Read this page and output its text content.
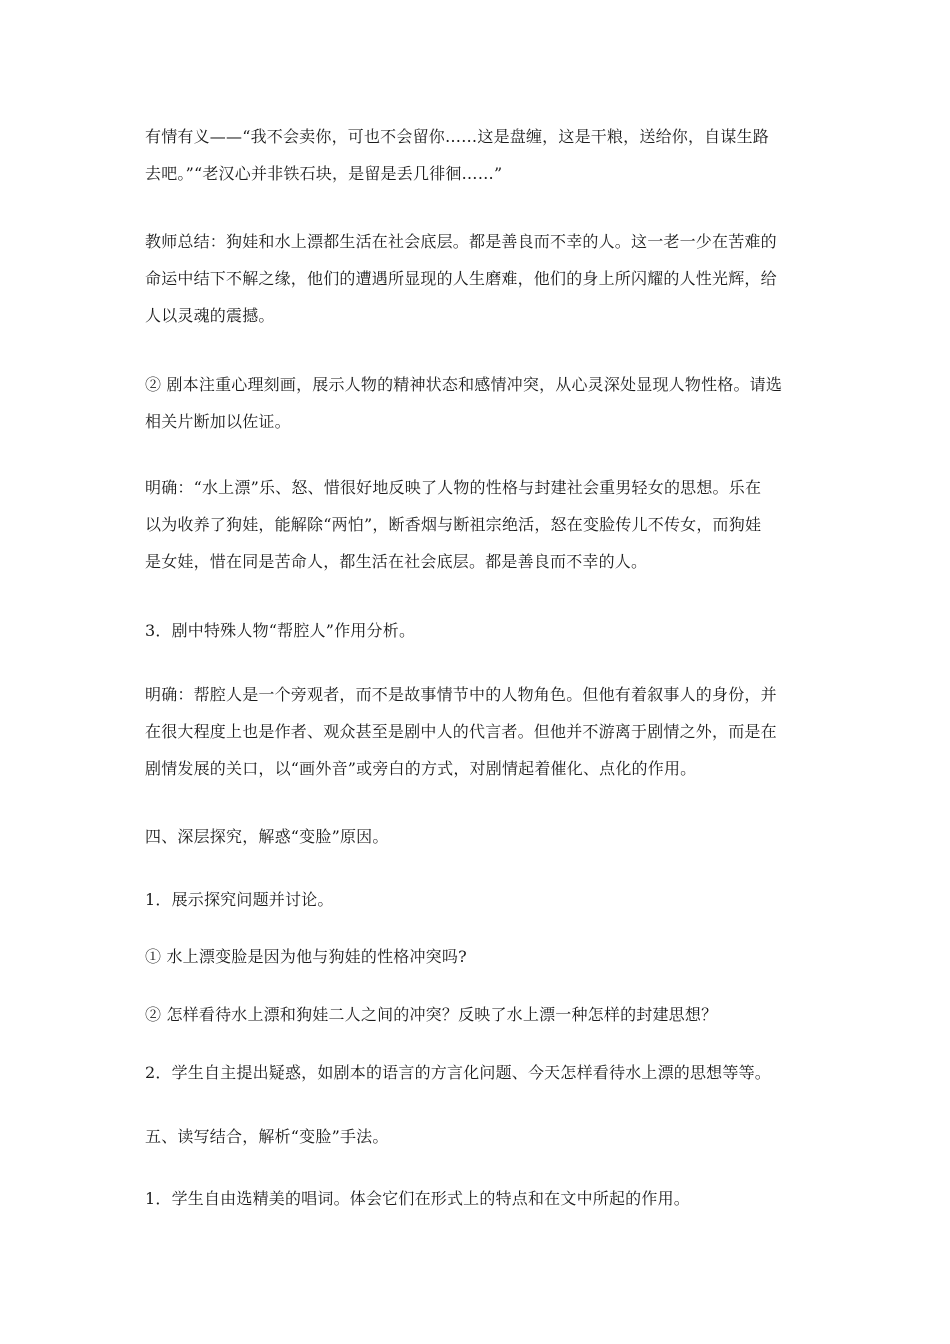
有情有义——“我不会卖你，可也不会留你……这是盘缠，这是干粮，送给你，自谋生路
去吧。”“老汉心并非铁石块，是留是丢几徘徊……”
教师总结：狗娃和水上漂都生活在社会底层。都是善良而不幸的人。这一老一少在苦难的
命运中结下不解之缘，他们的遭遇所显现的人生磨难，他们的身上所闪耀的人性光辉，给
人以灵魂的震撼。
② 剧本注重心理刻画，展示人物的精神状态和感情冲突，从心灵深处显现人物性格。请选
相关片断加以佐证。
明确：“水上漂”乐、怒、惜很好地反映了人物的性格与封建社会重男轻女的思想。乐在
以为收养了狗娃，能解除“两怕”，断香烟与断祖宗绝活，怒在变脸传儿不传女，而狗娃
是女娃，惜在同是苦命人，都生活在社会底层。都是善良而不幸的人。
3．剧中特殊人物“帮腔人”作用分析。
明确：帮腔人是一个旁观者，而不是故事情节中的人物角色。但他有着叙事人的身份，并
在很大程度上也是作者、观众甚至是剧中人的代言者。但他并不游离于剧情之外，而是在
剧情发展的关口，以“画外音”或旁白的方式，对剧情起着催化、点化的作用。
四、深层探究，解惑“变脸”原因。
1．展示探究问题并讨论。
① 水上漂变脸是因为他与狗娃的性格冲突吗?
② 怎样看待水上漂和狗娃二人之间的冲突？反映了水上漂一种怎样的封建思想？
2．学生自主提出疑惑，如剧本的语言的方言化问题、今天怎样看待水上漂的思想等等。
五、读写结合，解析“变脸”手法。
1．学生自由选精美的唱词。体会它们在形式上的特点和在文中所起的作用。
